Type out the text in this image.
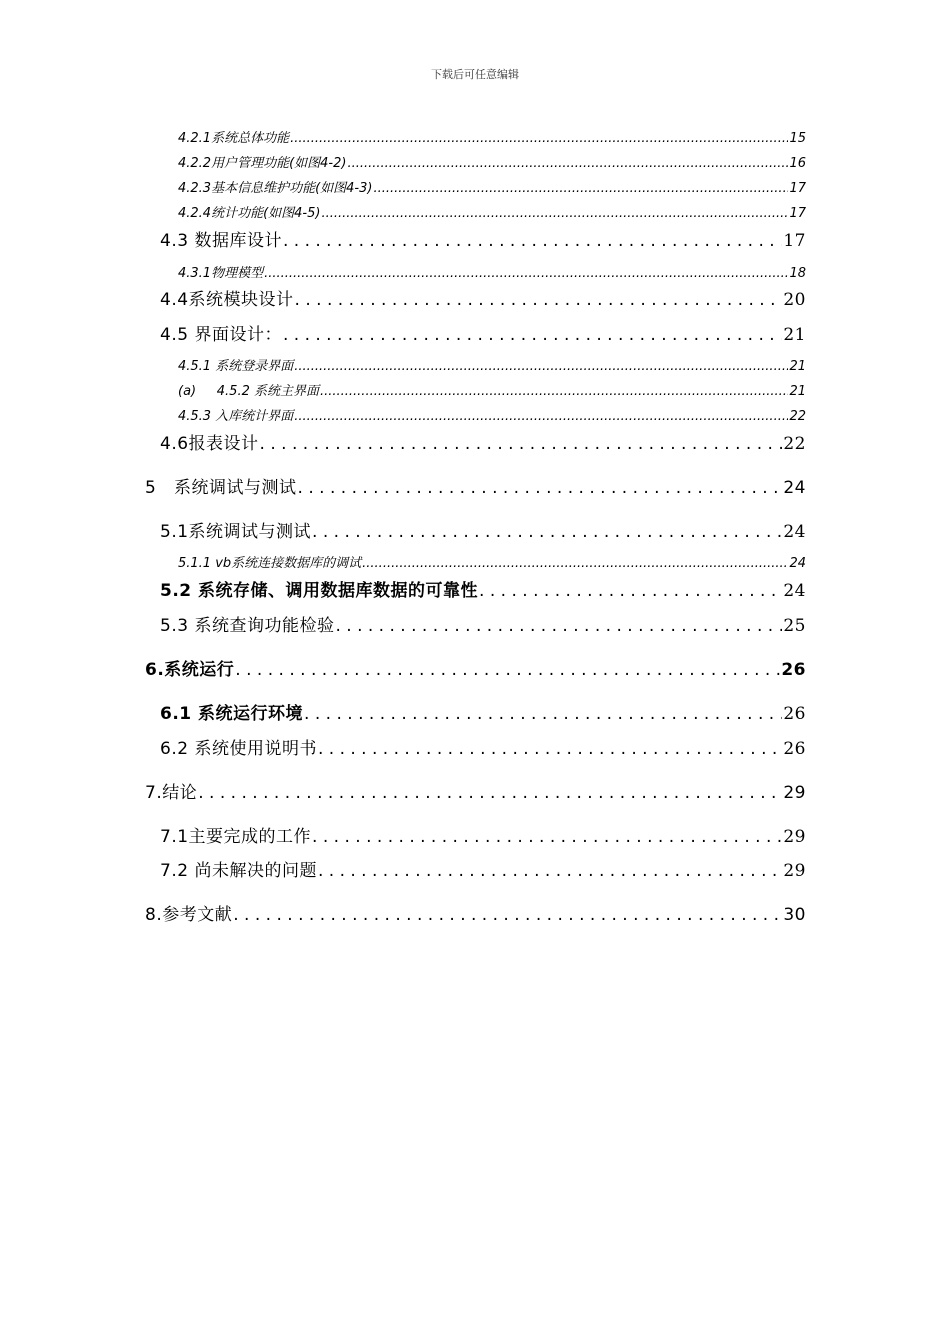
下载后可任意编辑
4.2.1系统总体功能 .....	15
4.2.2用户管理功能(如图4-2) .....	16
4.2.3基本信息维护功能(如图4-3) .....	17
4.2.4统计功能(如图4-5) .....	17
4.3 数据库设计 . . .	17
4.3.1物理模型 .....	18
4.4系统模块设计 . . .	20
4.5 界面设计： . . .	21
4.5.1 系统登录界面 .....	21
(a)     4.5.2 系统主界面 .....	21
4.5.3 入库统计界面 .....	22
4.6报表设计 . . .	22
5   系统调试与测试 . . .	24
5.1系统调试与测试 . . .	24
5.1.1 vb系统连接数据库的调试 .....	24
5.2 系统存储、调用数据库数据的可靠性 . . .	24
5.3 系统查询功能检验 . . .	25
6.系统运行 . . .	26
6.1 系统运行环境 . . .	26
6.2 系统使用说明书 . . .	26
7.结论 . . .	29
7.1主要完成的工作 . . .	29
7.2 尚未解决的问题 . . .	29
8.参考文献 . . .	30
